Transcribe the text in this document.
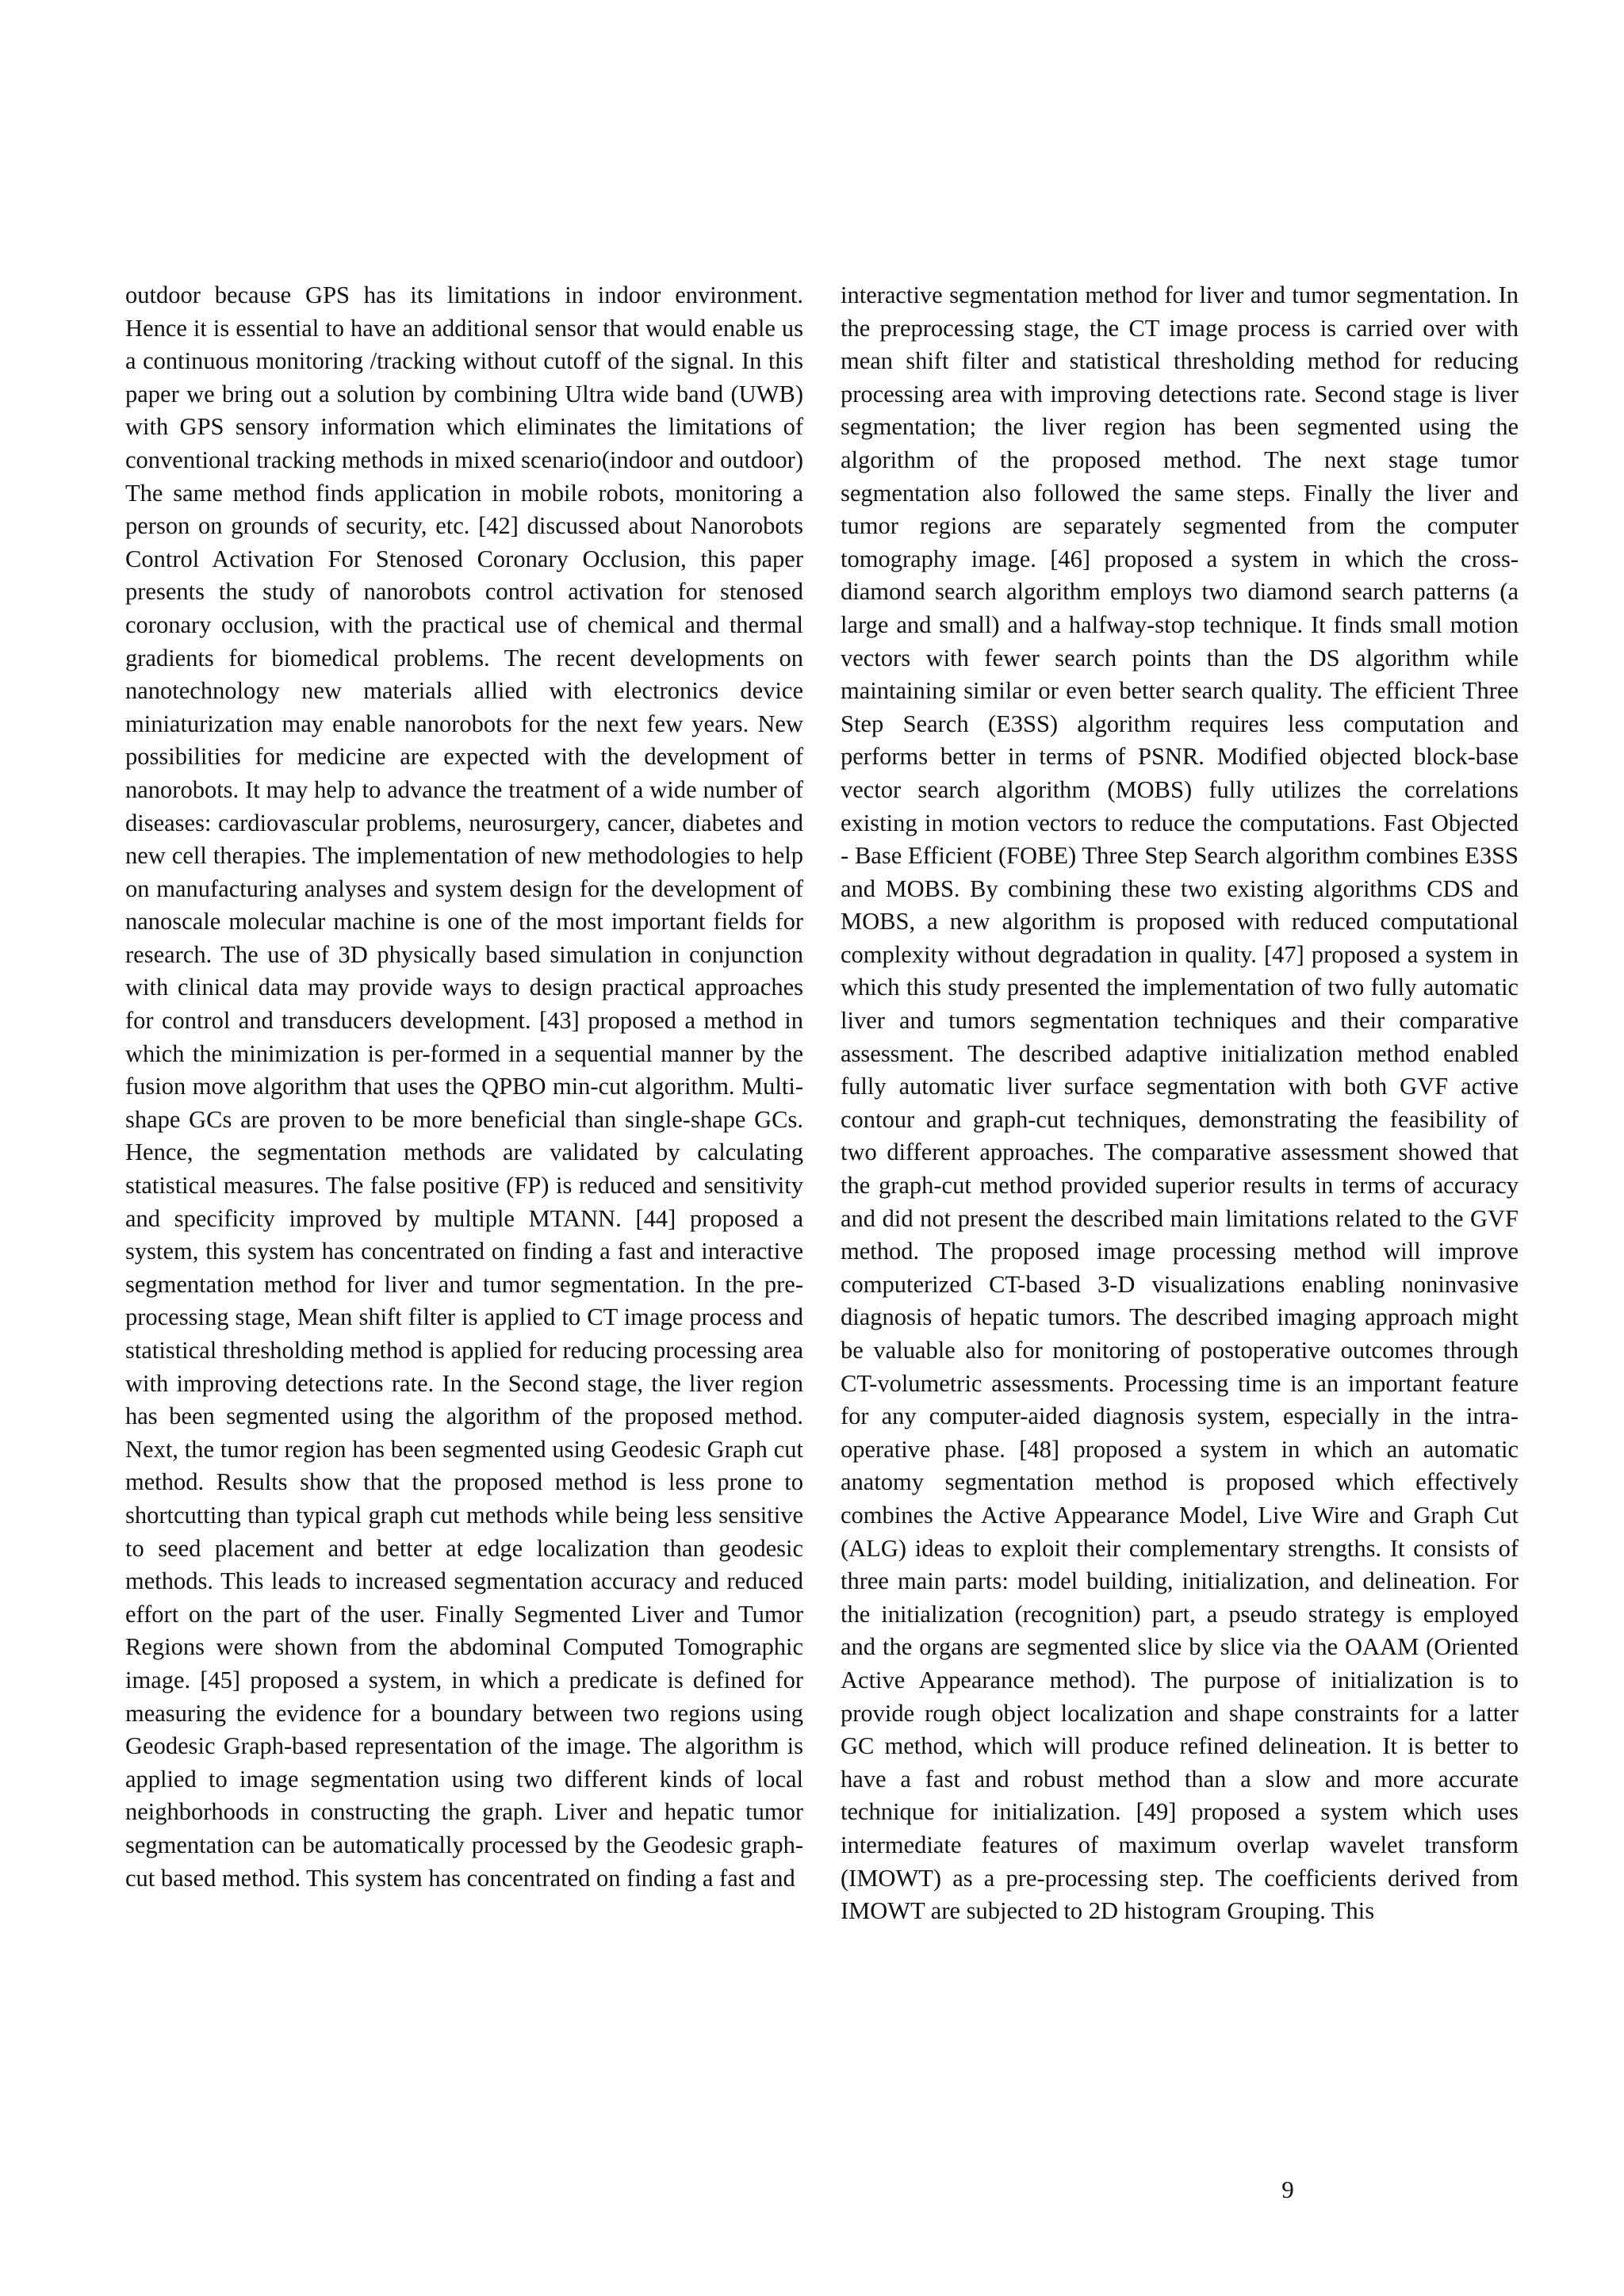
outdoor because GPS has its limitations in indoor environment. Hence it is essential to have an additional sensor that would enable us a continuous monitoring /tracking without cutoff of the signal. In this paper we bring out a solution by combining Ultra wide band (UWB) with GPS sensory information which eliminates the limitations of conventional tracking methods in mixed scenario(indoor and outdoor) The same method finds application in mobile robots, monitoring a person on grounds of security, etc. [42] discussed about Nanorobots Control Activation For Stenosed Coronary Occlusion, this paper presents the study of nanorobots control activation for stenosed coronary occlusion, with the practical use of chemical and thermal gradients for biomedical problems. The recent developments on nanotechnology new materials allied with electronics device miniaturization may enable nanorobots for the next few years. New possibilities for medicine are expected with the development of nanorobots. It may help to advance the treatment of a wide number of diseases: cardiovascular problems, neurosurgery, cancer, diabetes and new cell therapies. The implementation of new methodologies to help on manufacturing analyses and system design for the development of nanoscale molecular machine is one of the most important fields for research. The use of 3D physically based simulation in conjunction with clinical data may provide ways to design practical approaches for control and transducers development. [43] proposed a method in which the minimization is per-formed in a sequential manner by the fusion move algorithm that uses the QPBO min-cut algorithm. Multi-shape GCs are proven to be more beneficial than single-shape GCs. Hence, the segmentation methods are validated by calculating statistical measures. The false positive (FP) is reduced and sensitivity and specificity improved by multiple MTANN. [44] proposed a system, this system has concentrated on finding a fast and interactive segmentation method for liver and tumor segmentation. In the pre-processing stage, Mean shift filter is applied to CT image process and statistical thresholding method is applied for reducing processing area with improving detections rate. In the Second stage, the liver region has been segmented using the algorithm of the proposed method. Next, the tumor region has been segmented using Geodesic Graph cut method. Results show that the proposed method is less prone to shortcutting than typical graph cut methods while being less sensitive to seed placement and better at edge localization than geodesic methods. This leads to increased segmentation accuracy and reduced effort on the part of the user. Finally Segmented Liver and Tumor Regions were shown from the abdominal Computed Tomographic image. [45] proposed a system, in which a predicate is defined for measuring the evidence for a boundary between two regions using Geodesic Graph-based representation of the image. The algorithm is applied to image segmentation using two different kinds of local neighborhoods in constructing the graph. Liver and hepatic tumor segmentation can be automatically processed by the Geodesic graph-cut based method. This system has concentrated on finding a fast and

interactive segmentation method for liver and tumor segmentation. In the preprocessing stage, the CT image process is carried over with mean shift filter and statistical thresholding method for reducing processing area with improving detections rate. Second stage is liver segmentation; the liver region has been segmented using the algorithm of the proposed method. The next stage tumor segmentation also followed the same steps. Finally the liver and tumor regions are separately segmented from the computer tomography image. [46] proposed a system in which the cross-diamond search algorithm employs two diamond search patterns (a large and small) and a halfway-stop technique. It finds small motion vectors with fewer search points than the DS algorithm while maintaining similar or even better search quality. The efficient Three Step Search (E3SS) algorithm requires less computation and performs better in terms of PSNR. Modified objected block-base vector search algorithm (MOBS) fully utilizes the correlations existing in motion vectors to reduce the computations. Fast Objected - Base Efficient (FOBE) Three Step Search algorithm combines E3SS and MOBS. By combining these two existing algorithms CDS and MOBS, a new algorithm is proposed with reduced computational complexity without degradation in quality. [47] proposed a system in which this study presented the implementation of two fully automatic liver and tumors segmentation techniques and their comparative assessment. The described adaptive initialization method enabled fully automatic liver surface segmentation with both GVF active contour and graph-cut techniques, demonstrating the feasibility of two different approaches. The comparative assessment showed that the graph-cut method provided superior results in terms of accuracy and did not present the described main limitations related to the GVF method. The proposed image processing method will improve computerized CT-based 3-D visualizations enabling noninvasive diagnosis of hepatic tumors. The described imaging approach might be valuable also for monitoring of postoperative outcomes through CT-volumetric assessments. Processing time is an important feature for any computer-aided diagnosis system, especially in the intra-operative phase. [48] proposed a system in which an automatic anatomy segmentation method is proposed which effectively combines the Active Appearance Model, Live Wire and Graph Cut (ALG) ideas to exploit their complementary strengths. It consists of three main parts: model building, initialization, and delineation. For the initialization (recognition) part, a pseudo strategy is employed and the organs are segmented slice by slice via the OAAM (Oriented Active Appearance method). The purpose of initialization is to provide rough object localization and shape constraints for a latter GC method, which will produce refined delineation. It is better to have a fast and robust method than a slow and more accurate technique for initialization. [49] proposed a system which uses intermediate features of maximum overlap wavelet transform (IMOWT) as a pre-processing step. The coefficients derived from IMOWT are subjected to 2D histogram Grouping. This

9
